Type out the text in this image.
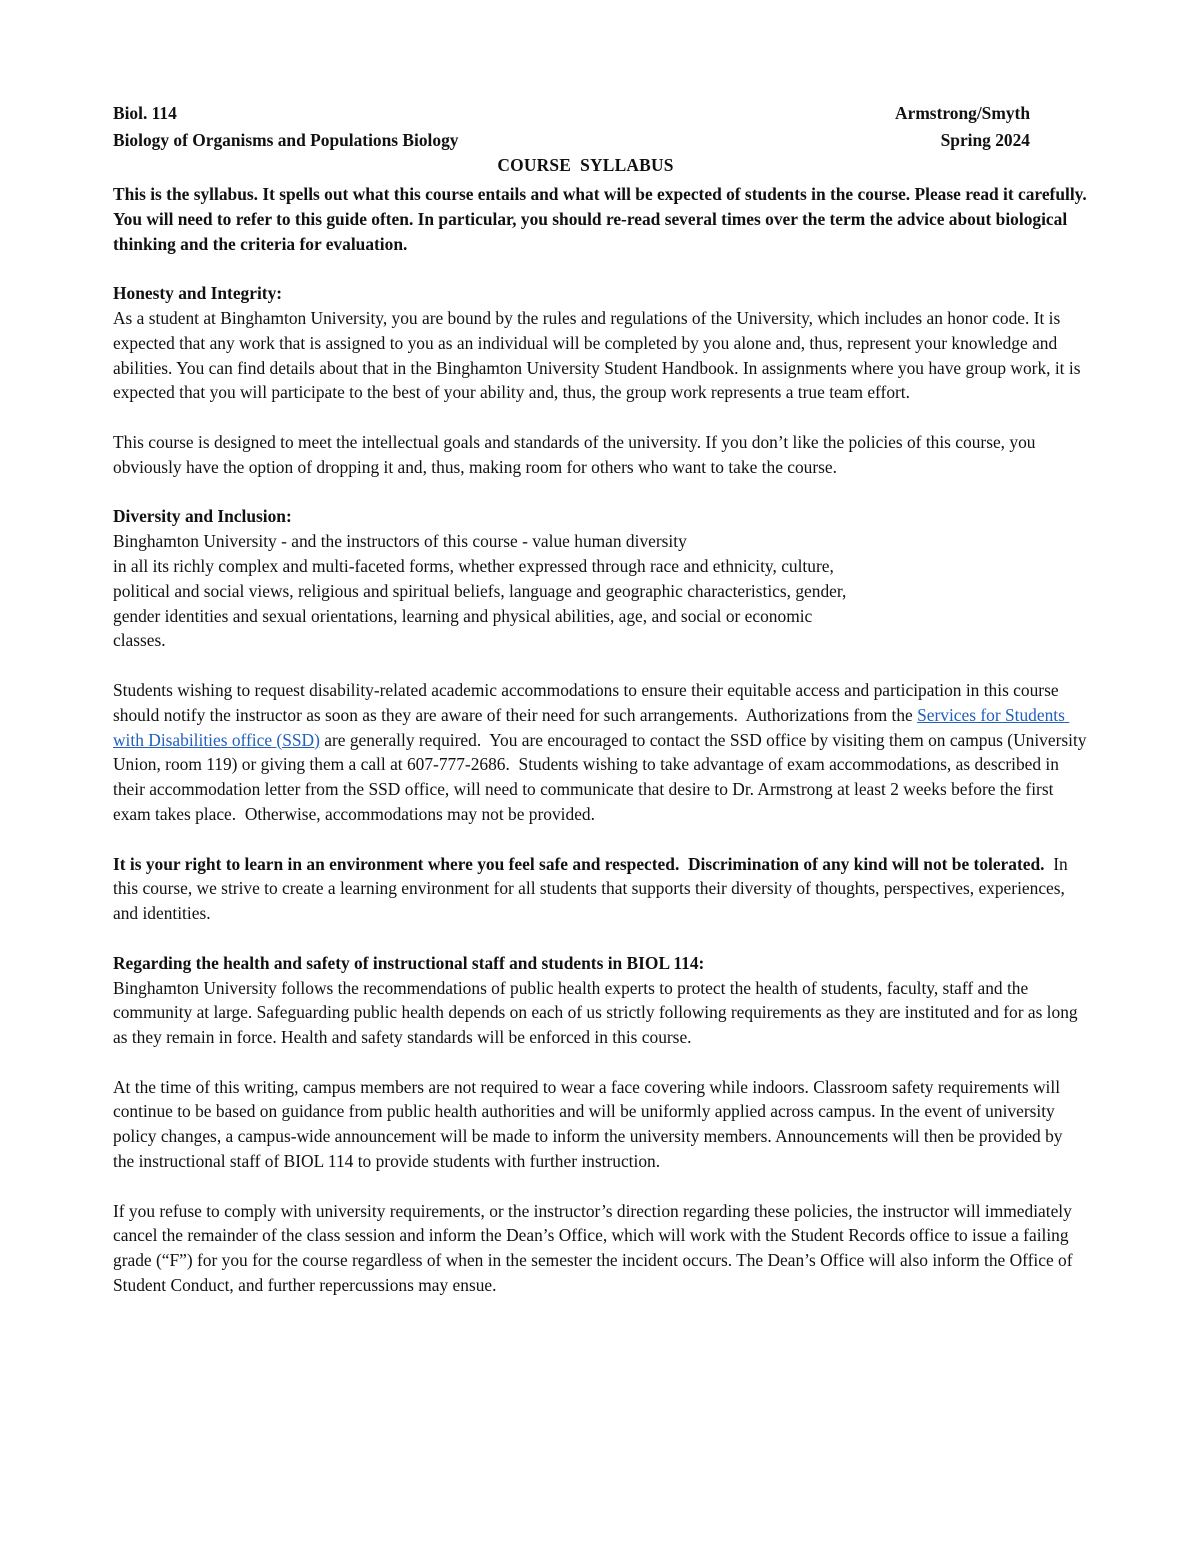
Biol. 114	Armstrong/Smyth
Biology of Organisms and Populations Biology	Spring 2024
COURSE  SYLLABUS

This is the syllabus. It spells out what this course entails and what will be expected of students in the course. Please read it carefully. You will need to refer to this guide often. In particular, you should re-read several times over the term the advice about biological thinking and the criteria for evaluation.

Honesty and Integrity:
As a student at Binghamton University, you are bound by the rules and regulations of the University, which includes an honor code. It is expected that any work that is assigned to you as an individual will be completed by you alone and, thus, represent your knowledge and abilities. You can find details about that in the Binghamton University Student Handbook. In assignments where you have group work, it is expected that you will participate to the best of your ability and, thus, the group work represents a true team effort.

This course is designed to meet the intellectual goals and standards of the university. If you don’t like the policies of this course, you obviously have the option of dropping it and, thus, making room for others who want to take the course.

Diversity and Inclusion:
Binghamton University - and the instructors of this course - value human diversity
in all its richly complex and multi-faceted forms, whether expressed through race and ethnicity, culture,
political and social views, religious and spiritual beliefs, language and geographic characteristics, gender,
gender identities and sexual orientations, learning and physical abilities, age, and social or economic
classes.

Students wishing to request disability-related academic accommodations to ensure their equitable access and participation in this course should notify the instructor as soon as they are aware of their need for such arrangements.  Authorizations from the Services for Students with Disabilities office (SSD) are generally required.  You are encouraged to contact the SSD office by visiting them on campus (University Union, room 119) or giving them a call at 607-777-2686.  Students wishing to take advantage of exam accommodations, as described in their accommodation letter from the SSD office, will need to communicate that desire to Dr. Armstrong at least 2 weeks before the first exam takes place.  Otherwise, accommodations may not be provided.

It is your right to learn in an environment where you feel safe and respected.  Discrimination of any kind will not be tolerated.  In this course, we strive to create a learning environment for all students that supports their diversity of thoughts, perspectives, experiences, and identities.

Regarding the health and safety of instructional staff and students in BIOL 114:
Binghamton University follows the recommendations of public health experts to protect the health of students, faculty, staff and the community at large. Safeguarding public health depends on each of us strictly following requirements as they are instituted and for as long as they remain in force. Health and safety standards will be enforced in this course.

At the time of this writing, campus members are not required to wear a face covering while indoors. Classroom safety requirements will continue to be based on guidance from public health authorities and will be uniformly applied across campus. In the event of university policy changes, a campus-wide announcement will be made to inform the university members. Announcements will then be provided by the instructional staff of BIOL 114 to provide students with further instruction.

If you refuse to comply with university requirements, or the instructor’s direction regarding these policies, the instructor will immediately cancel the remainder of the class session and inform the Dean’s Office, which will work with the Student Records office to issue a failing grade (“F”) for you for the course regardless of when in the semester the incident occurs. The Dean’s Office will also inform the Office of Student Conduct, and further repercussions may ensue.
